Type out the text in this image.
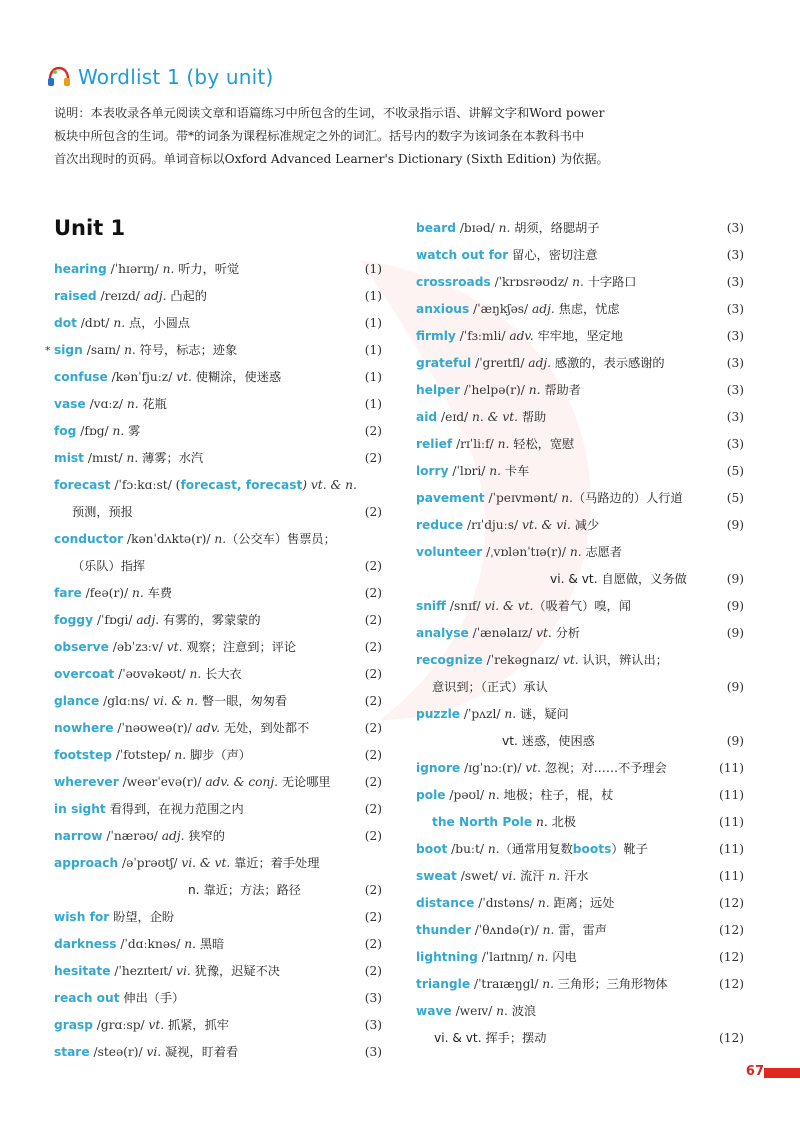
Wordlist 1 (by unit)

说明：本表收录各单元阅读文章和语篇练习中所包含的生词，不收录指示语、讲解文字和Word power

板块中所包含的生词。带*的词条为课程标准规定之外的词汇。括号内的数字为该词条在本教科书中

首次出现时的页码。单词音标以Oxford Advanced Learner's Dictionary (Sixth Edition) 为依据。

Unit 1
hearing /ˈhɪərɪŋ/ n. 听力，听觉	(1)
raised /reɪzd/ adj. 凸起的	(1)
dot /dɒt/ n. 点，小圆点	(1)
* sign /saɪn/ n. 符号，标志；迹象	(1)
confuse /kənˈfjuːz/ vt. 使糊涂，使迷惑	(1)
vase /vɑːz/ n. 花瓶	(1)
fog /fɒg/ n. 雾	(2)
mist /mɪst/ n. 薄雾；水汽	(2)
forecast /ˈfɔːkɑːst/ (forecast, forecast) vt. & n.
预测，预报	(2)
conductor /kənˈdʌktə(r)/ n.（公交车）售票员；
（乐队）指挥	(2)
fare /feə(r)/ n. 车费	(2)
foggy /ˈfɒgi/ adj. 有雾的，雾蒙蒙的	(2)
observe /əbˈzɜːv/ vt. 观察；注意到；评论	(2)
overcoat /ˈəʊvəkəʊt/ n. 长大衣	(2)
glance /glɑːns/ vi. & n. 瞥一眼，匆匆看	(2)
nowhere /ˈnəʊweə(r)/ adv. 无处，到处都不	(2)
footstep /ˈfʊtstep/ n. 脚步（声）	(2)
wherever /weərˈevə(r)/ adv. & conj. 无论哪里	(2)
in sight 看得到，在视力范围之内	(2)
narrow /ˈnærəʊ/ adj. 狭窄的	(2)
approach /əˈprəʊtʃ/ vi. & vt. 靠近；着手处理
n. 靠近；方法；路径	(2)
wish for 盼望，企盼	(2)
darkness /ˈdɑːknəs/ n. 黑暗	(2)
hesitate /ˈhezɪteɪt/ vi. 犹豫，迟疑不决	(2)
reach out 伸出（手）	(3)
grasp /grɑːsp/ vt. 抓紧，抓牢	(3)
stare /steə(r)/ vi. 凝视，盯着看	(3)
beard /bɪəd/ n. 胡须，络腮胡子	(3)
watch out for 留心，密切注意	(3)
crossroads /ˈkrɒsrəʊdz/ n. 十字路口	(3)
anxious /ˈæŋkʃəs/ adj. 焦虑，忧虑	(3)
firmly /ˈfɜːmli/ adv. 牢牢地，坚定地	(3)
grateful /ˈgreɪtfl/ adj. 感激的，表示感谢的	(3)
helper /ˈhelpə(r)/ n. 帮助者	(3)
aid /eɪd/ n. & vt. 帮助	(3)
relief /rɪˈliːf/ n. 轻松，宽慰	(3)
lorry /ˈlɒri/ n. 卡车	(5)
pavement /ˈpeɪvmənt/ n.（马路边的）人行道	(5)
reduce /rɪˈdjuːs/ vt. & vi. 减少	(9)
volunteer /ˌvɒlənˈtɪə(r)/ n. 志愿者
vi. & vt. 自愿做，义务做	(9)
sniff /snɪf/ vi. & vt.（吸着气）嗅，闻	(9)
analyse /ˈænəlaɪz/ vt. 分析	(9)
recognize /ˈrekəgnaɪz/ vt. 认识，辨认出；
意识到；（正式）承认	(9)
puzzle /ˈpʌzl/ n. 谜，疑问
vt. 迷惑，使困惑	(9)
ignore /ɪgˈnɔː(r)/ vt. 忽视；对……不予理会	(11)
pole /pəʊl/ n. 地极；柱子，棍，杖	(11)
the North Pole n. 北极	(11)
boot /buːt/ n.（通常用复数boots）靴子	(11)
sweat /swet/ vi. 流汗 n. 汗水	(11)
distance /ˈdɪstəns/ n. 距离；远处	(12)
thunder /ˈθʌndə(r)/ n. 雷，雷声	(12)
lightning /ˈlaɪtnɪŋ/ n. 闪电	(12)
triangle /ˈtraɪæŋgl/ n. 三角形；三角形物体	(12)
wave /weɪv/ n. 波浪
vi. & vt. 挥手；摆动	(12)
67
